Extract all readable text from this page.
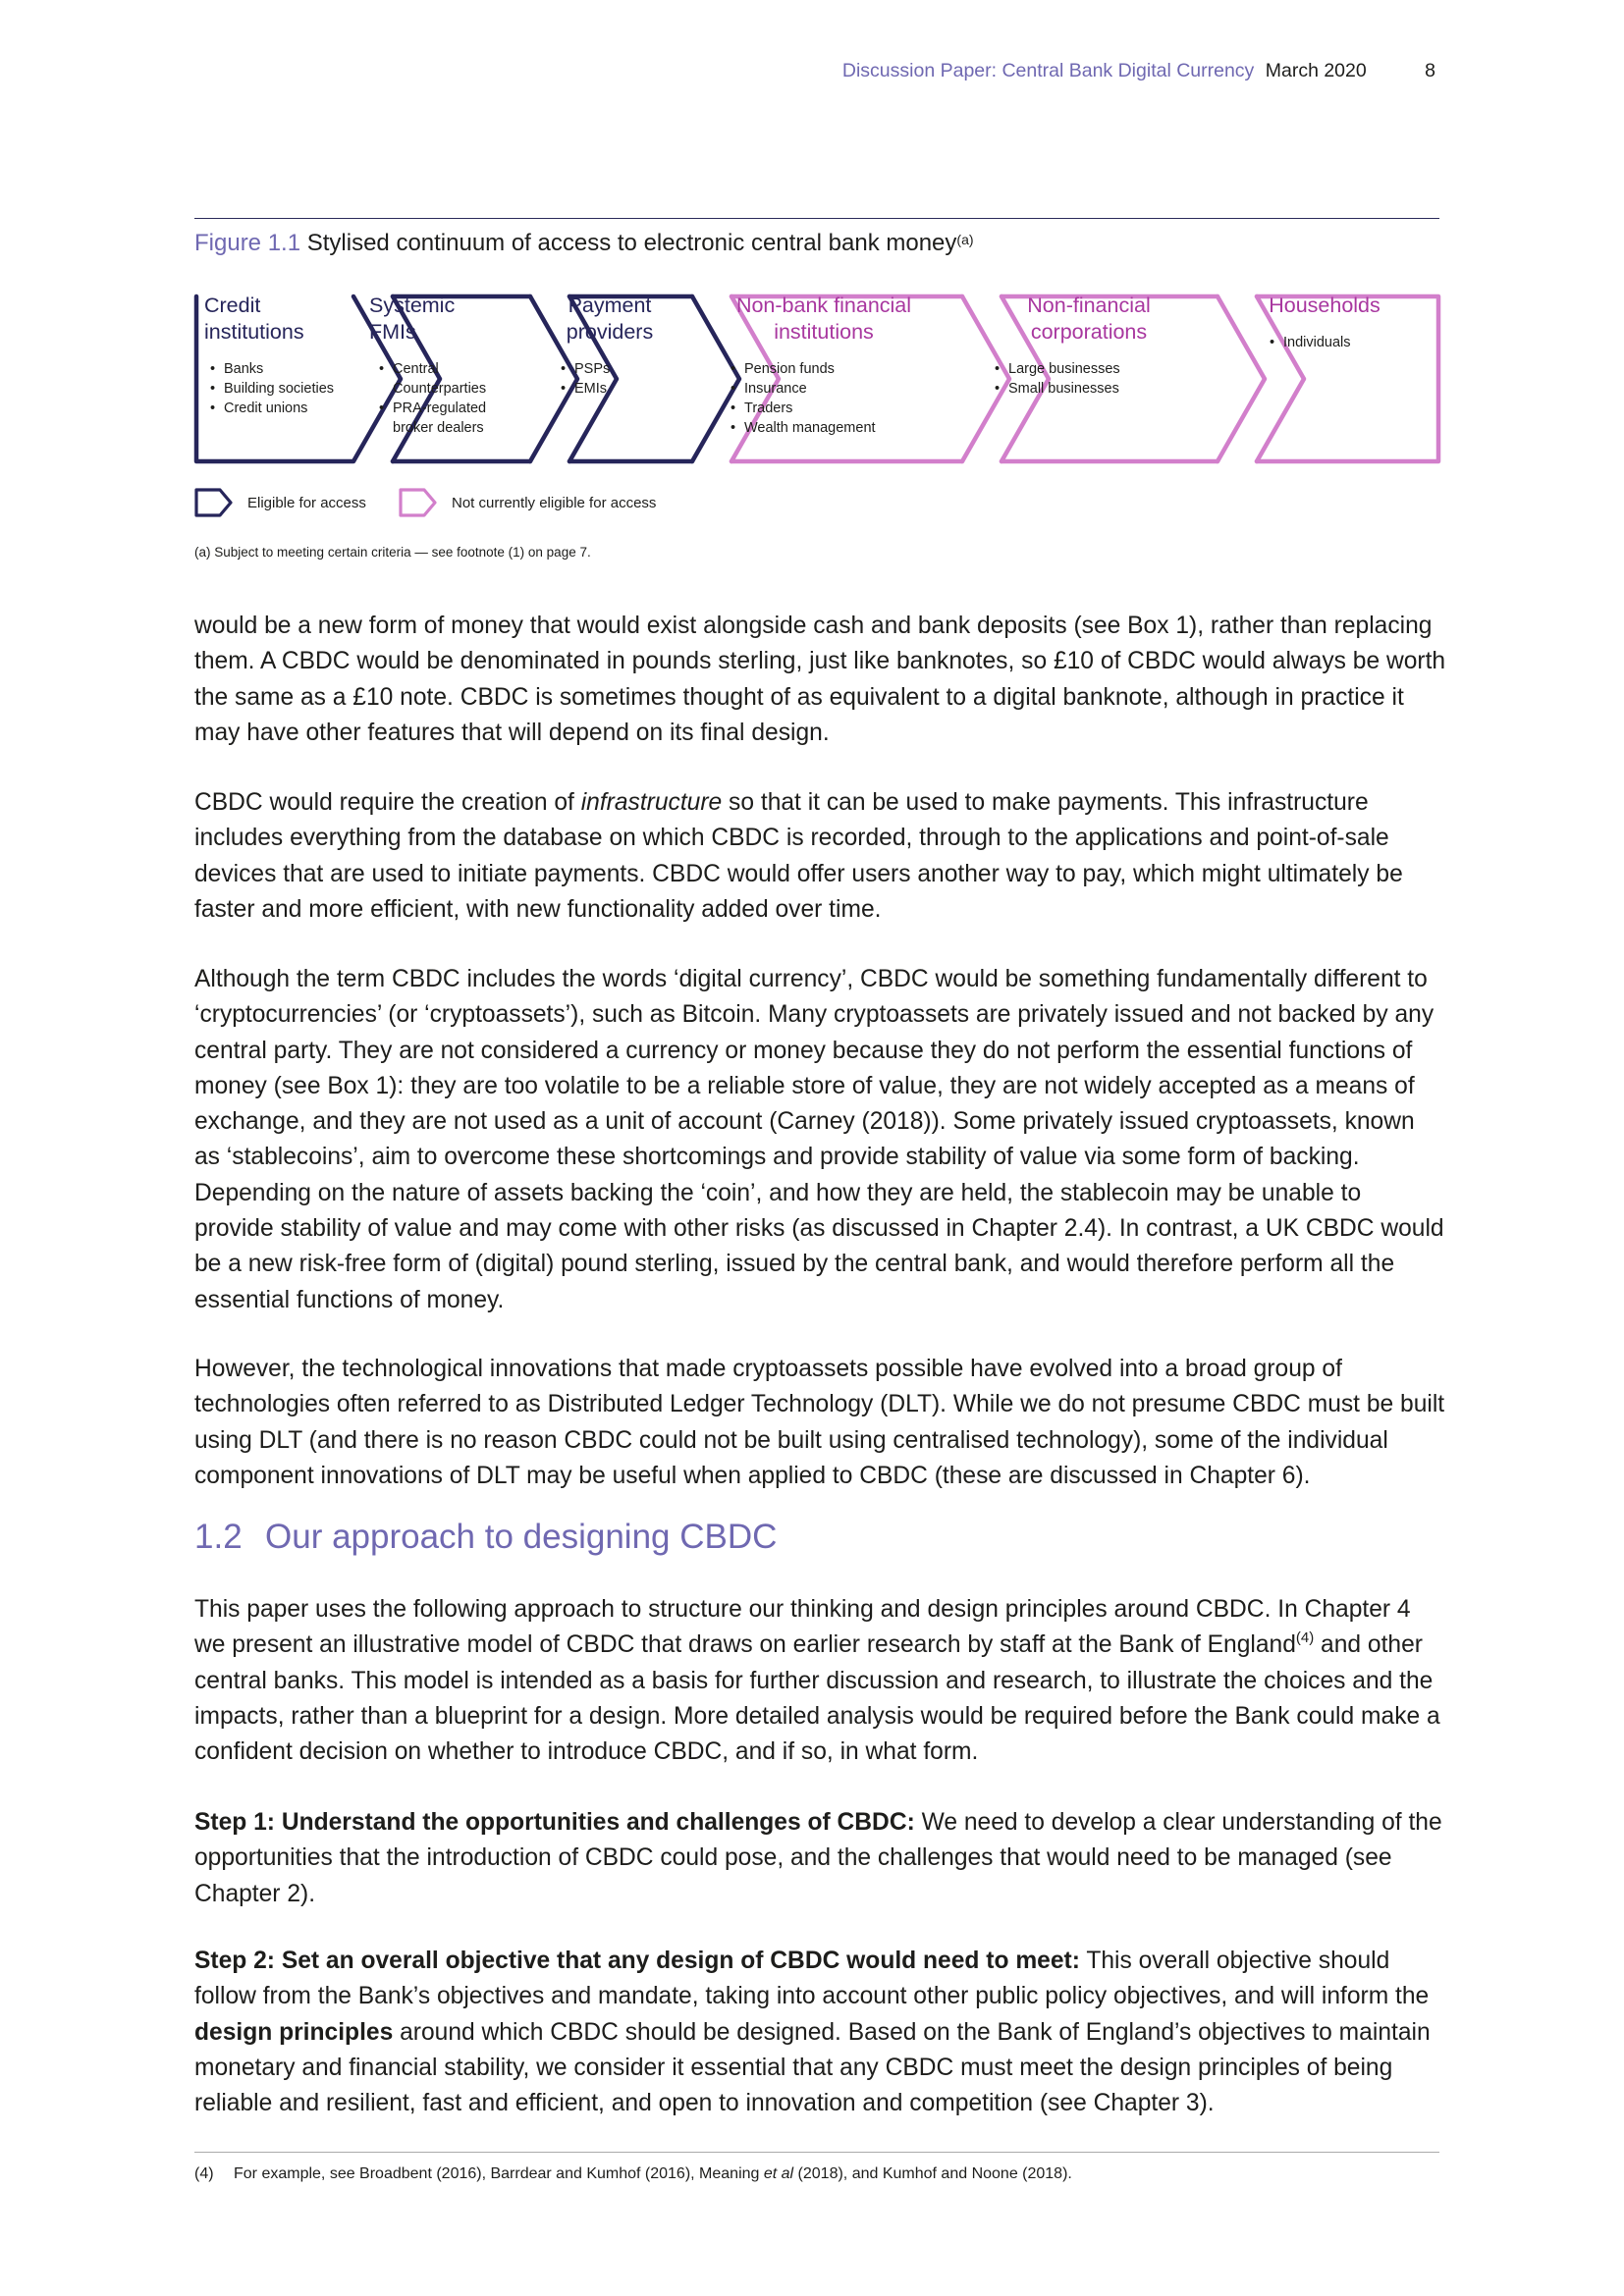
Discussion Paper: Central Bank Digital Currency March 2020	8
Figure 1.1 Stylised continuum of access to electronic central bank money$^{(a)}$
Credit
institutions
• Banks
• Building societies
• Credit unions
Systemic
FMIs
• Central Counterparties
• PRA-regulated broker dealers
Payment
providers
• PSPs
• EMIs
Non-bank financial
institutions
• Pension funds
• Insurance
• Traders
• Wealth management
Non-financial
corporations
• Large businesses
• Small businesses
Households
• Individuals
Eligible for access	Not currently eligible for access
(a) Subject to meeting certain criteria — see footnote (1) on page 7.

would be a new form of money that would exist alongside cash and bank deposits (see Box 1), rather than replacing them. A CBDC would be denominated in pounds sterling, just like banknotes, so £10 of CBDC would always be worth the same as a £10 note. CBDC is sometimes thought of as equivalent to a digital banknote, although in practice it may have other features that will depend on its final design.

CBDC would require the creation of infrastructure so that it can be used to make payments. This infrastructure includes everything from the database on which CBDC is recorded, through to the applications and point-of-sale devices that are used to initiate payments. CBDC would offer users another way to pay, which might ultimately be faster and more efficient, with new functionality added over time.

Although the term CBDC includes the words ‘digital currency’, CBDC would be something fundamentally different to ‘cryptocurrencies’ (or ‘cryptoassets’), such as Bitcoin. Many cryptoassets are privately issued and not backed by any central party. They are not considered a currency or money because they do not perform the essential functions of money (see Box 1): they are too volatile to be a reliable store of value, they are not widely accepted as a means of exchange, and they are not used as a unit of account (Carney (2018)). Some privately issued cryptoassets, known as ‘stablecoins’, aim to overcome these shortcomings and provide stability of value via some form of backing. Depending on the nature of assets backing the ‘coin’, and how they are held, the stablecoin may be unable to provide stability of value and may come with other risks (as discussed in Chapter 2.4). In contrast, a UK CBDC would be a new risk-free form of (digital) pound sterling, issued by the central bank, and would therefore perform all the essential functions of money.

However, the technological innovations that made cryptoassets possible have evolved into a broad group of technologies often referred to as Distributed Ledger Technology (DLT). While we do not presume CBDC must be built using DLT (and there is no reason CBDC could not be built using centralised technology), some of the individual component innovations of DLT may be useful when applied to CBDC (these are discussed in Chapter 6).

1.2 Our approach to designing CBDC

This paper uses the following approach to structure our thinking and design principles around CBDC. In Chapter 4 we present an illustrative model of CBDC that draws on earlier research by staff at the Bank of England$^{(4)}$ and other central banks. This model is intended as a basis for further discussion and research, to illustrate the choices and the impacts, rather than a blueprint for a design. More detailed analysis would be required before the Bank could make a confident decision on whether to introduce CBDC, and if so, in what form.

Step 1: Understand the opportunities and challenges of CBDC: We need to develop a clear understanding of the opportunities that the introduction of CBDC could pose, and the challenges that would need to be managed (see Chapter 2).

Step 2: Set an overall objective that any design of CBDC would need to meet: This overall objective should follow from the Bank’s objectives and mandate, taking into account other public policy objectives, and will inform the design principles around which CBDC should be designed. Based on the Bank of England’s objectives to maintain monetary and financial stability, we consider it essential that any CBDC must meet the design principles of being reliable and resilient, fast and efficient, and open to innovation and competition (see Chapter 3).

(4) For example, see Broadbent (2016), Barrdear and Kumhof (2016), Meaning et al (2018), and Kumhof and Noone (2018).
